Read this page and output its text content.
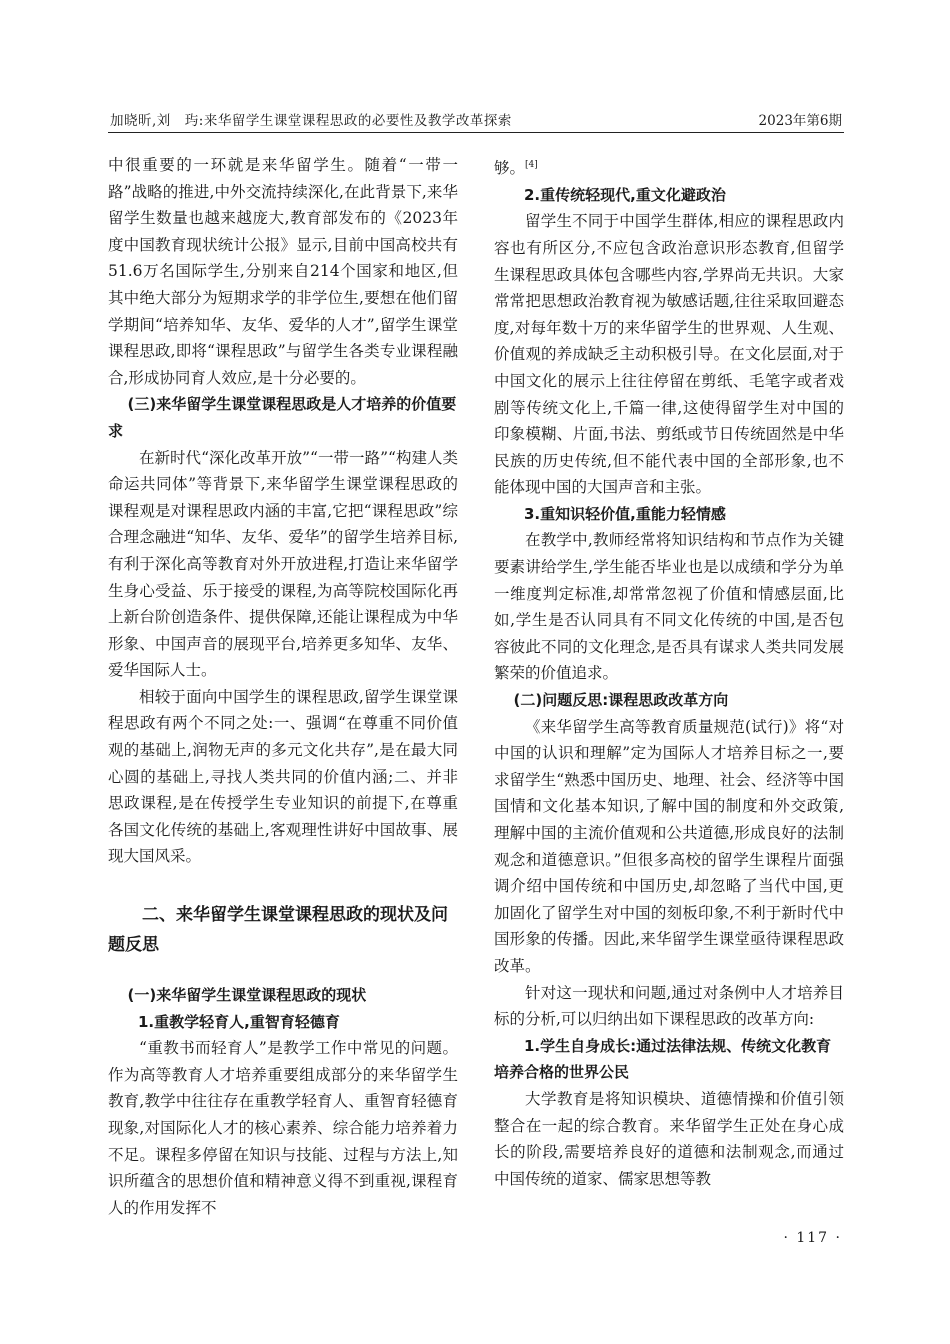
加晓昕,刘　玙:来华留学生课堂课程思政的必要性及教学改革探索	2023年第6期

中很重要的一环就是来华留学生。随着“一带一路”战略的推进,中外交流持续深化,在此背景下,来华留学生数量也越来越庞大,教育部发布的《2023年度中国教育现状统计公报》显示,目前中国高校共有51.6万名国际学生,分别来自214个国家和地区,但其中绝大部分为短期求学的非学位生,要想在他们留学期间“培养知华、友华、爱华的人才”,留学生课堂课程思政,即将“课程思政”与留学生各类专业课程融合,形成协同育人效应,是十分必要的。

(三)来华留学生课堂课程思政是人才培养的价值要求

在新时代“深化改革开放”“一带一路”“构建人类命运共同体”等背景下,来华留学生课堂课程思政的课程观是对课程思政内涵的丰富,它把“课程思政”综合理念融进“知华、友华、爱华”的留学生培养目标,有利于深化高等教育对外开放进程,打造让来华留学生身心受益、乐于接受的课程,为高等院校国际化再上新台阶创造条件、提供保障,还能让课程成为中华形象、中国声音的展现平台,培养更多知华、友华、爱华国际人士。

相较于面向中国学生的课程思政,留学生课堂课程思政有两个不同之处:一、强调“在尊重不同价值观的基础上,润物无声的多元文化共存”,是在最大同心圆的基础上,寻找人类共同的价值内涵;二、并非思政课程,是在传授学生专业知识的前提下,在尊重各国文化传统的基础上,客观理性讲好中国故事、展现大国风采。

二、来华留学生课堂课程思政的现状及问题反思

(一)来华留学生课堂课程思政的现状

1.重教学轻育人,重智育轻德育

“重教书而轻育人”是教学工作中常见的问题。作为高等教育人才培养重要组成部分的来华留学生教育,教学中往往存在重教学轻育人、重智育轻德育现象,对国际化人才的核心素养、综合能力培养着力不足。课程多停留在知识与技能、过程与方法上,知识所蕴含的思想价值和精神意义得不到重视,课程育人的作用发挥不

够。[4]

2.重传统轻现代,重文化避政治

留学生不同于中国学生群体,相应的课程思政内容也有所区分,不应包含政治意识形态教育,但留学生课程思政具体包含哪些内容,学界尚无共识。大家常常把思想政治教育视为敏感话题,往往采取回避态度,对每年数十万的来华留学生的世界观、人生观、价值观的养成缺乏主动积极引导。在文化层面,对于中国文化的展示上往往停留在剪纸、毛笔字或者戏剧等传统文化上,千篇一律,这使得留学生对中国的印象模糊、片面,书法、剪纸或节日传统固然是中华民族的历史传统,但不能代表中国的全部形象,也不能体现中国的大国声音和主张。

3.重知识轻价值,重能力轻情感

在教学中,教师经常将知识结构和节点作为关键要素讲给学生,学生能否毕业也是以成绩和学分为单一维度判定标准,却常常忽视了价值和情感层面,比如,学生是否认同具有不同文化传统的中国,是否包容彼此不同的文化理念,是否具有谋求人类共同发展繁荣的价值追求。

(二)问题反思:课程思政改革方向

《来华留学生高等教育质量规范(试行)》将“对中国的认识和理解”定为国际人才培养目标之一,要求留学生“熟悉中国历史、地理、社会、经济等中国国情和文化基本知识,了解中国的制度和外交政策,理解中国的主流价值观和公共道德,形成良好的法制观念和道德意识。”但很多高校的留学生课程片面强调介绍中国传统和中国历史,却忽略了当代中国,更加固化了留学生对中国的刻板印象,不利于新时代中国形象的传播。因此,来华留学生课堂亟待课程思政改革。

针对这一现状和问题,通过对条例中人才培养目标的分析,可以归纳出如下课程思政的改革方向:

1.学生自身成长:通过法律法规、传统文化教育培养合格的世界公民

大学教育是将知识模块、道德情操和价值引领整合在一起的综合教育。来华留学生正处在身心成长的阶段,需要培养良好的道德和法制观念,而通过中国传统的道家、儒家思想等教

· 117 ·
